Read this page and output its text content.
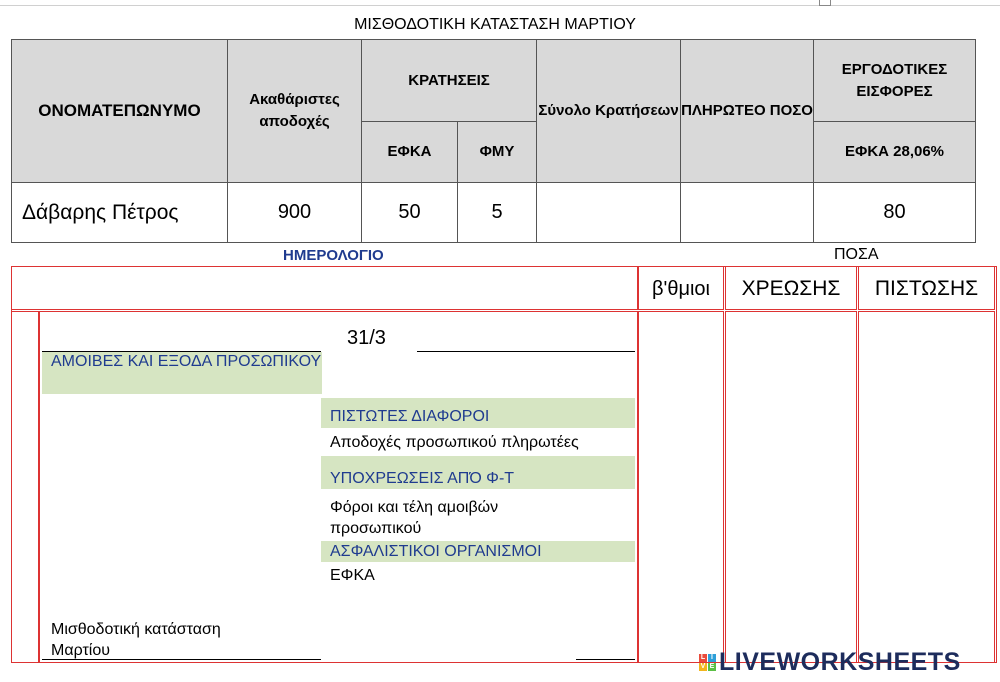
ΜΙΣΘΟΔΟΤΙΚΗ ΚΑΤΑΣΤΑΣΗ ΜΑΡΤΙΟΥ
ΟΝΟΜΑΤΕΠΩΝΥΜΟ	Ακαθάριστες αποδοχές	ΚΡΑΤΗΣΕΙΣ		Σύνολο Κρατήσεων	ΠΛΗΡΩΤΕΟ ΠΟΣΟ	ΕΡΓΟΔΟΤΙΚΕΣ ΕΙΣΦΟΡΕΣ
		ΕΦΚΑ	ΦΜΥ			ΕΦΚΑ 28,06%
Δάβαρης Πέτρος	900	50	5			80
ΗΜΕΡΟΛΟΓΙΟ	ΠΟΣΑ
β'θμιοι	ΧΡΕΩΣΗΣ	ΠΙΣΤΩΣΗΣ
31/3
ΑΜΟΙΒΕΣ ΚΑΙ ΕΞΟΔΑ ΠΡΟΣΩΠΙΚΟΥ
ΠΙΣΤΩΤΕΣ ΔΙΑΦΟΡΟΙ
Αποδοχές προσωπικού πληρωτέες
ΥΠΟΧΡΕΩΣΕΙΣ ΑΠΌ Φ-Τ
Φόροι και τέλη αμοιβών προσωπικού
ΑΣΦΑΛΙΣΤΙΚΟΙ ΟΡΓΑΝΙΣΜΟΙ
ΕΦΚΑ
Μισθοδοτική κατάσταση Μαρτίου	L I
V E LIVEWORKSHEETS
